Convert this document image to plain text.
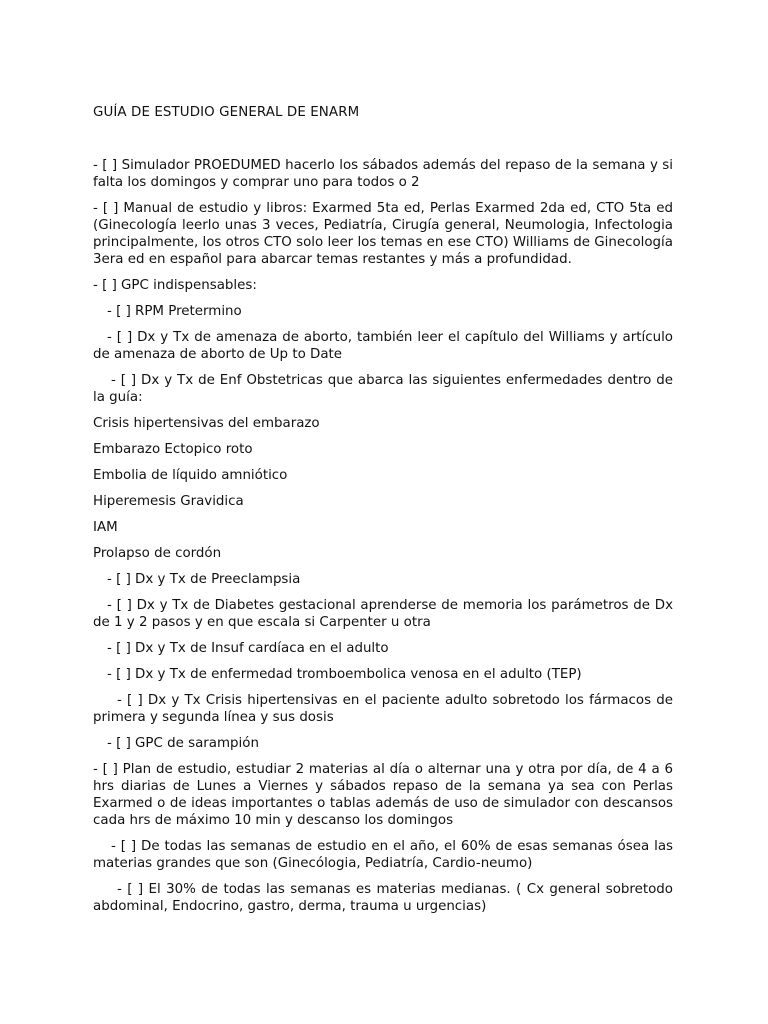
GUÍA DE ESTUDIO GENERAL DE ENARM

- [ ] Simulador PROEDUMED hacerlo los sábados además del repaso de la semana y si falta los domingos y comprar uno para todos o 2

- [ ] Manual de estudio y libros: Exarmed 5ta ed, Perlas Exarmed 2da ed, CTO 5ta ed (Ginecología leerlo unas 3 veces, Pediatría, Cirugía general, Neumologia, Infectologia principalmente, los otros CTO solo leer los temas en ese CTO) Williams de Ginecología 3era ed en español para abarcar temas restantes y más a profundidad.

- [ ] GPC indispensables:

- [ ] RPM Pretermino

- [ ] Dx y Tx de amenaza de aborto, también leer el capítulo del Williams y artículo de amenaza de aborto de Up to Date

- [ ] Dx y Tx de Enf Obstetricas que abarca las siguientes enfermedades dentro de la guía:

Crisis hipertensivas del embarazo

Embarazo Ectopico roto

Embolia de líquido amniótico

Hiperemesis Gravidica

IAM

Prolapso de cordón

- [ ] Dx y Tx de Preeclampsia

- [ ] Dx y Tx de Diabetes gestacional aprenderse de memoria los parámetros de Dx de 1 y 2 pasos y en que escala si Carpenter u otra

- [ ] Dx y Tx de Insuf cardíaca en el adulto

- [ ] Dx y Tx de enfermedad tromboembolica venosa en el adulto (TEP)

- [ ] Dx y Tx Crisis hipertensivas en el paciente adulto sobretodo los fármacos de primera y segunda línea y sus dosis

- [ ] GPC de sarampión

- [ ] Plan de estudio, estudiar 2 materias al día o alternar una y otra por día, de 4 a 6 hrs diarias de Lunes a Viernes y sábados repaso de la semana ya sea con Perlas Exarmed o de ideas importantes o tablas además de uso de simulador con descansos cada hrs de máximo 10 min y descanso los domingos

- [ ] De todas las semanas de estudio en el año, el 60% de esas semanas ósea las materias grandes que son (Ginecólogia, Pediatría, Cardio-neumo)

- [ ] El 30% de todas las semanas es materias medianas. ( Cx general sobretodo abdominal, Endocrino, gastro, derma, trauma u urgencias)
